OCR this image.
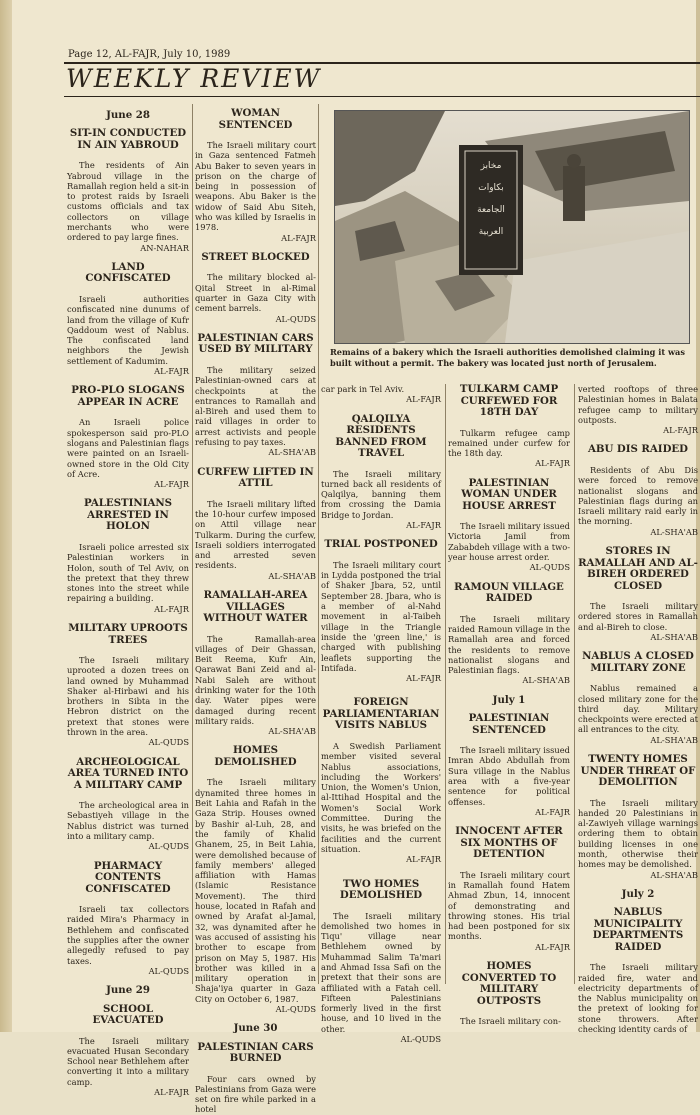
Page 12, AL-FAJR, July 10, 1989
WEEKLY REVIEW
June 28
SIT-IN CONDUCTED IN AIN YABROUD

The residents of Ain Yabroud village in the Ramallah region held a sit-in to protest raids by Israeli customs officials and tax collectors on village merchants who were ordered to pay large fines.

AN-NAHAR
LAND CONFISCATED

Israeli authorities confiscated nine dunums of land from the village of Kufr Qaddoum west of Nablus. The confiscated land neighbors the Jewish settlement of Kadumim.

AL-FAJR
PRO-PLO SLOGANS APPEAR IN ACRE

An Israeli police spokesperson said pro-PLO slogans and Palestinian flags were painted on an Israeli-owned store in the Old City of Acre.

AL-FAJR
PALESTINIANS ARRESTED IN HOLON

Israeli police arrested six Palestinian workers in Holon, south of Tel Aviv, on the pretext that they threw stones into the street while repairing a building.

AL-FAJR
MILITARY UPROOTS TREES

The Israeli military uprooted a dozen trees on land owned by Muhammad Shaker al-Hirbawi and his brothers in Sibta in the Hebron district on the pretext that stones were thrown in the area.

AL-QUDS
ARCHEOLOGICAL AREA TURNED INTO A MILITARY CAMP

The archeological area in Sebastiyeh village in the Nablus district was turned into a military camp.

AL-QUDS
PHARMACY CONTENTS CONFISCATED

Israeli tax collectors raided Mira's Pharmacy in Bethlehem and confiscated the supplies after the owner allegedly refused to pay taxes.

AL-QUDS
June 29
SCHOOL EVACUATED

The Israeli military evacuated Husan Secondary School near Bethlehem after converting it into a military camp.

AL-FAJR
WOMAN SENTENCED

The Israeli military court in Gaza sentenced Fatmeh Abu Baker to seven years in prison on the charge of being in possession of weapons. Abu Baker is the widow of Said Abu Siteh, who was killed by Israelis in 1978.

AL-FAJR
STREET BLOCKED

The military blocked al-Qital Street in al-Rimal quarter in Gaza City with cement barrels.

AL-QUDS
PALESTINIAN CARS USED BY MILITARY

The military seized Palestinian-owned cars at checkpoints at the entrances to Ramallah and al-Bireh and used them to raid villages in order to arrest activists and people refusing to pay taxes.

AL-SHA'AB
CURFEW LIFTED IN ATTIL

The Israeli military lifted the 10-hour curfew imposed on Attil village near Tulkarm. During the curfew, Israeli soldiers interrogated and arrested seven residents.

AL-SHA'AB
RAMALLAH-AREA VILLAGES WITHOUT WATER

The Ramallah-area villages of Deir Ghassan, Beit Reema, Kufr Ain, Qarawat Bani Zeid and al-Nabi Saleh are without drinking water for the 10th day. Water pipes were damaged during recent military raids.

AL-SHA'AB
HOMES DEMOLISHED

The Israeli military dynamited three homes in Beit Lahia and Rafah in the Gaza Strip. Houses owned by Bashir al-Luh, 28, and the family of Khalid Ghanem, 25, in Beit Lahia, were demolished because of family members' alleged affiliation with Hamas (Islamic Resistance Movement). The third house, located in Rafah and owned by Arafat al-Jamal, 32, was dynamited after he was accused of assisting his brother to escape from prison on May 5, 1987. His brother was killed in a military operation in Shaja'iya quarter in Gaza City on October 6, 1987.

AL-QUDS
June 30
PALESTINIAN CARS BURNED

Four cars owned by Palestinians from Gaza were set on fire while parked in a hotel

مخابز
بكاوات
الجامعة
العربية
Remains of a bakery which the Israeli authorities demolished claiming it was built without a permit. The bakery was located just north of Jerusalem.

car park in Tel Aviv.

AL-FAJR
QALQILYA RESIDENTS BANNED FROM TRAVEL

The Israeli military turned back all residents of Qalqilya, banning them from crossing the Damia Bridge to Jordan.

AL-FAJR
TRIAL POSTPONED

The Israeli military court in Lydda postponed the trial of Shaker Jbara, 52, until September 28. Jbara, who is a member of al-Nahd movement in al-Taibeh village in the Triangle inside the 'green line,' is charged with publishing leaflets supporting the Intifada.

AL-FAJR
FOREIGN PARLIAMENTARIAN VISITS NABLUS

A Swedish Parliament member visited several Nablus associations, including the Workers' Union, the Women's Union, al-Ittihad Hospital and the Women's Social Work Committee. During the visits, he was briefed on the facilities and the current situation.

AL-FAJR
TWO HOMES DEMOLISHED

The Israeli military demolished two homes in Tiqu' village near Bethlehem owned by Muhammad Salim Ta'mari and Ahmad Issa Safi on the pretext that their sons are affiliated with a Fatah cell. Fifteen Palestinians formerly lived in the first house, and 10 lived in the other.

AL-QUDS
TULKARM CAMP CURFEWED FOR 18TH DAY

Tulkarm refugee camp remained under curfew for the 18th day.

AL-FAJR
PALESTINIAN WOMAN UNDER HOUSE ARREST

The Israeli military issued Victoria Jamil from Zababdeh village with a two-year house arrest order.

AL-QUDS
RAMOUN VILLAGE RAIDED

The Israeli military raided Ramoun village in the Ramallah area and forced the residents to remove nationalist slogans and Palestinian flags.

AL-SHA'AB
July 1
PALESTINIAN SENTENCED

The Israeli military issued Imran Abdo Abdullah from Sura village in the Nablus area with a five-year sentence for political offenses.

AL-FAJR
INNOCENT AFTER SIX MONTHS OF DETENTION

The Israeli military court in Ramallah found Hatem Ahmad Zbun, 14, innocent of demonstrating and throwing stones. His trial had been postponed for six months.

AL-FAJR
HOMES CONVERTED TO MILITARY OUTPOSTS

The Israeli military con-

verted rooftops of three Palestinian homes in Balata refugee camp to military outposts.

AL-FAJR
ABU DIS RAIDED

Residents of Abu Dis were forced to remove nationalist slogans and Palestinian flags during an Israeli military raid early in the morning.

AL-SHA'AB
STORES IN RAMALLAH AND AL-BIREH ORDERED CLOSED

The Israeli military ordered stores in Ramallah and al-Bireh to close.

AL-SHA'AB
NABLUS A CLOSED MILITARY ZONE

Nablus remained a closed military zone for the third day. Military checkpoints were erected at all entrances to the city.

AL-SHA'AB
TWENTY HOMES UNDER THREAT OF DEMOLITION

The Israeli military handed 20 Palestinians in al-Zawiyeh village warnings ordering them to obtain building licenses in one month, otherwise their homes may be demolished.

AL-SHA'AB
July 2
NABLUS MUNICIPALITY DEPARTMENTS RAIDED

The Israeli military raided fire, water and electricity departments of the Nablus municipality on the pretext of looking for stone throwers. After checking identity cards of
